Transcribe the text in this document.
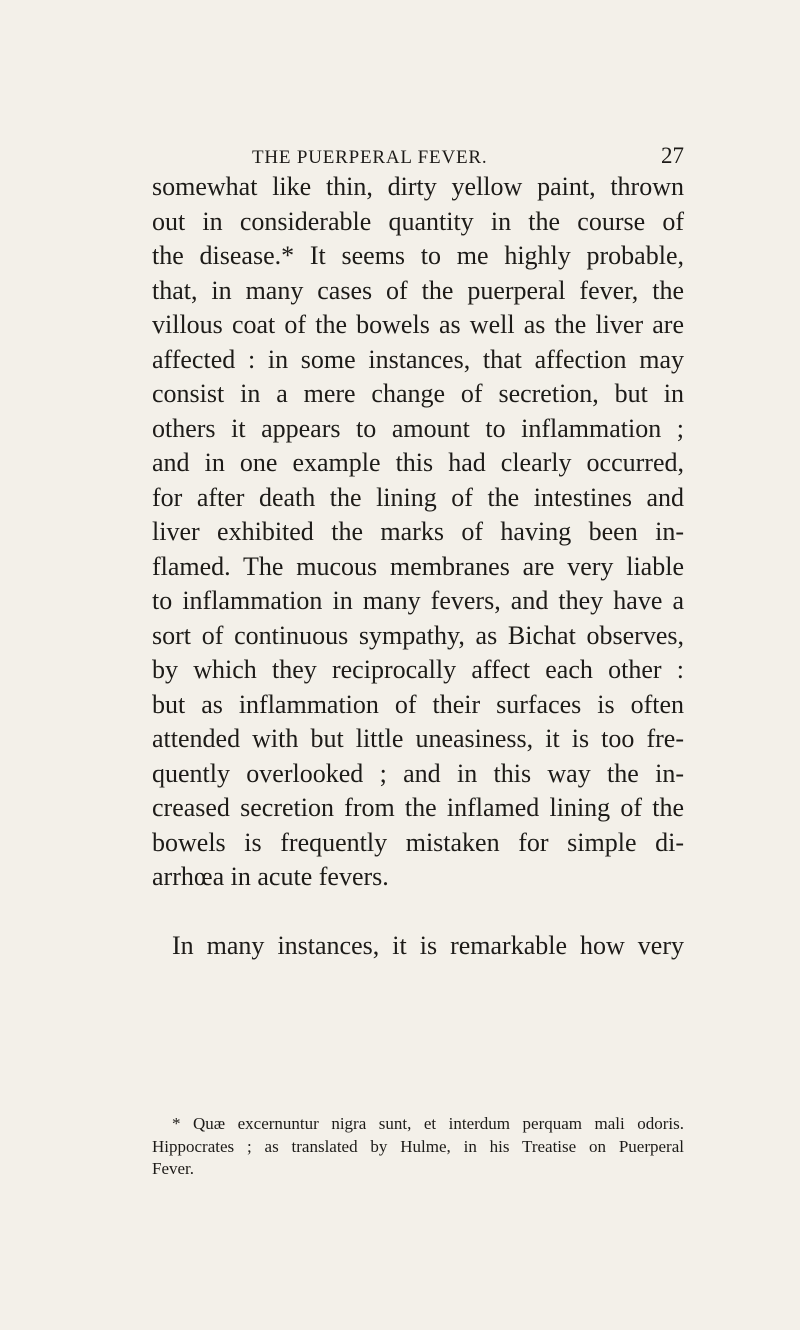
THE PUERPERAL FEVER.	27
somewhat like thin, dirty yellow paint, thrown
out in considerable quantity in the course of
the disease.* It seems to me highly probable,
that, in many cases of the puerperal fever, the
villous coat of the bowels as well as the liver are
affected : in some instances, that affection may
consist in a mere change of secretion, but in
others it appears to amount to inflammation ;
and in one example this had clearly occurred,
for after death the lining of the intestines and
liver exhibited the marks of having been in-
flamed. The mucous membranes are very liable
to inflammation in many fevers, and they have a
sort of continuous sympathy, as Bichat observes,
by which they reciprocally affect each other :
but as inflammation of their surfaces is often
attended with but little uneasiness, it is too fre-
quently overlooked ; and in this way the in-
creased secretion from the inflamed lining of the
bowels is frequently mistaken for simple di-
arrhœa in acute fevers.
In many instances, it is remarkable how very
* Quæ excernuntur nigra sunt, et interdum perquam mali odoris.
Hippocrates ; as translated by Hulme, in his Treatise on Puerperal
Fever.
